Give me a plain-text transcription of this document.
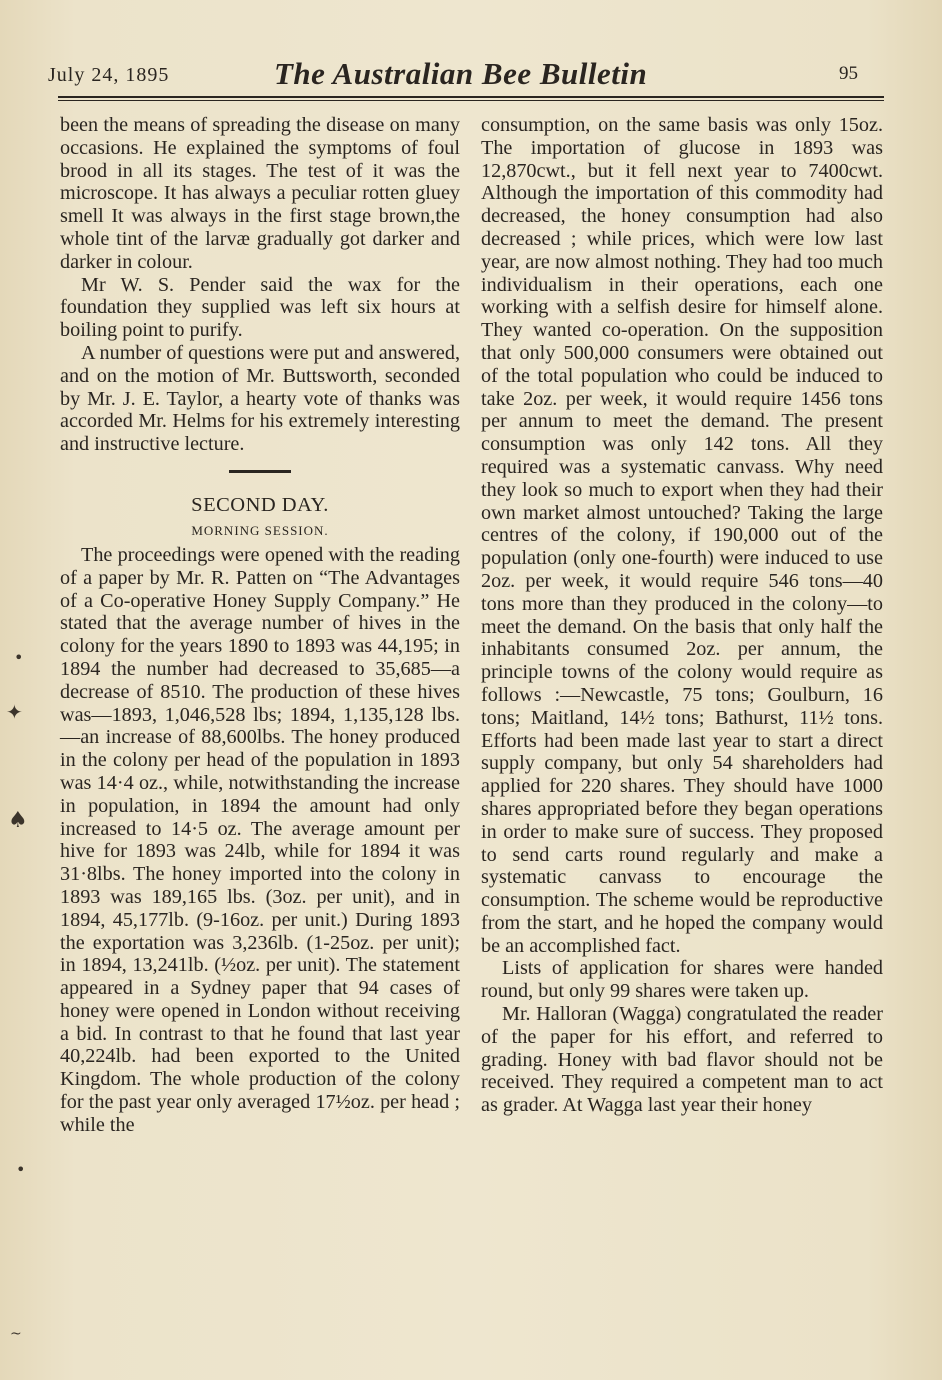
July 24, 1895	The Australian Bee Bulletin	95

been the means of spreading the disease on many occasions. He explained the symptoms of foul brood in all its stages. The test of it was the microscope. It has always a peculiar rotten gluey smell It was always in the first stage brown,the whole tint of the larvæ gradually got darker and darker in colour.

Mr W. S. Pender said the wax for the foundation they supplied was left six hours at boiling point to purify.

A number of questions were put and answered, and on the motion of Mr. Buttsworth, seconded by Mr. J. E. Taylor, a hearty vote of thanks was accorded Mr. Helms for his extremely interesting and instructive lecture.

SECOND DAY.
MORNING SESSION.

The proceedings were opened with the reading of a paper by Mr. R. Patten on “The Advantages of a Co-operative Honey Supply Company.” He stated that the average number of hives in the colony for the years 1890 to 1893 was 44,195; in 1894 the number had decreased to 35,685—a decrease of 8510. The production of these hives was—1893, 1,046,528 lbs; 1894, 1,135,128 lbs.—an increase of 88,600lbs. The honey produced in the colony per head of the population in 1893 was 14·4 oz., while, notwithstanding the increase in population, in 1894 the amount had only increased to 14·5 oz. The average amount per hive for 1893 was 24lb, while for 1894 it was 31·8lbs. The honey imported into the colony in 1893 was 189,165 lbs. (3oz. per unit), and in 1894, 45,177lb. (9-16oz. per unit.) During 1893 the exportation was 3,236lb. (1-25oz. per unit); in 1894, 13,241lb. (½oz. per unit). The statement appeared in a Sydney paper that 94 cases of honey were opened in London without receiving a bid. In contrast to that he found that last year 40,224lb. had been exported to the United Kingdom. The whole production of the colony for the past year only averaged 17½oz. per head ; while the

consumption, on the same basis was only 15oz. The importation of glucose in 1893 was 12,870cwt., but it fell next year to 7400cwt. Although the importation of this commodity had decreased, the honey consumption had also decreased ; while prices, which were low last year, are now almost nothing. They had too much individualism in their operations, each one working with a selfish desire for himself alone. They wanted co-operation. On the supposition that only 500,000 consumers were obtained out of the total population who could be induced to take 2oz. per week, it would require 1456 tons per annum to meet the demand. The present consumption was only 142 tons. All they required was a systematic canvass. Why need they look so much to export when they had their own market almost untouched? Taking the large centres of the colony, if 190,000 out of the population (only one-fourth) were induced to use 2oz. per week, it would require 546 tons—40 tons more than they produced in the colony—to meet the demand. On the basis that only half the inhabitants consumed 2oz. per annum, the principle towns of the colony would require as follows :—Newcastle, 75 tons; Goulburn, 16 tons; Maitland, 14½ tons; Bathurst, 11½ tons. Efforts had been made last year to start a direct supply company, but only 54 shareholders had applied for 220 shares. They should have 1000 shares appropriated before they began operations in order to make sure of success. They proposed to send carts round regularly and make a systematic canvass to encourage the consumption. The scheme would be reproductive from the start, and he hoped the company would be an accomplished fact.

Lists of application for shares were handed round, but only 99 shares were taken up.

Mr. Halloran (Wagga) congratulated the reader of the paper for his effort, and referred to grading. Honey with bad flavor should not be received. They required a competent man to act as grader. At Wagga last year their honey

•
✦
♠
•
~
